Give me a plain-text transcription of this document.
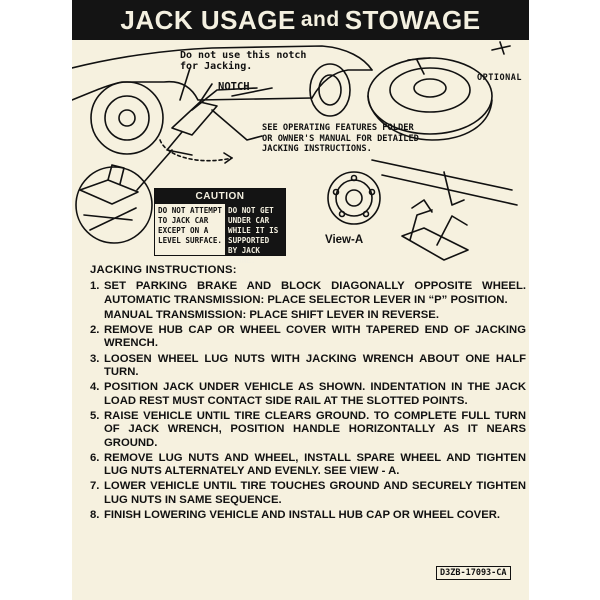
JACK USAGE and STOWAGE
Do not use this notch for Jacking.
NOTCH
OPTIONAL
SEE OPERATING FEATURES FOLDER OR OWNER'S MANUAL FOR DETAILED JACKING INSTRUCTIONS.
View-A
CAUTION
DO NOT ATTEMPT TO JACK CAR EXCEPT ON A LEVEL SURFACE.
DO NOT GET UNDER CAR WHILE IT IS SUPPORTED BY JACK ALONE.
JACKING INSTRUCTIONS:
1. SET PARKING BRAKE AND BLOCK DIAGONALLY OPPOSITE WHEEL. AUTOMATIC TRANSMISSION: PLACE SELECTOR LEVER IN “P” POSITION.
MANUAL TRANSMISSION: PLACE SHIFT LEVER IN REVERSE.
2. REMOVE HUB CAP OR WHEEL COVER WITH TAPERED END OF JACKING WRENCH.
3. LOOSEN WHEEL LUG NUTS WITH JACKING WRENCH ABOUT ONE HALF TURN.
4. POSITION JACK UNDER VEHICLE AS SHOWN. INDENTATION IN THE JACK LOAD REST MUST CONTACT SIDE RAIL AT THE SLOTTED POINTS.
5. RAISE VEHICLE UNTIL TIRE CLEARS GROUND. TO COMPLETE FULL TURN OF JACK WRENCH, POSITION HANDLE HORIZONTALLY AS IT NEARS GROUND.
6. REMOVE LUG NUTS AND WHEEL, INSTALL SPARE WHEEL AND TIGHTEN LUG NUTS ALTERNATELY AND EVENLY. SEE VIEW - A.
7. LOWER VEHICLE UNTIL TIRE TOUCHES GROUND AND SECURELY TIGHTEN LUG NUTS IN SAME SEQUENCE.
8. FINISH LOWERING VEHICLE AND INSTALL HUB CAP OR WHEEL COVER.
D3ZB-17093-CA
